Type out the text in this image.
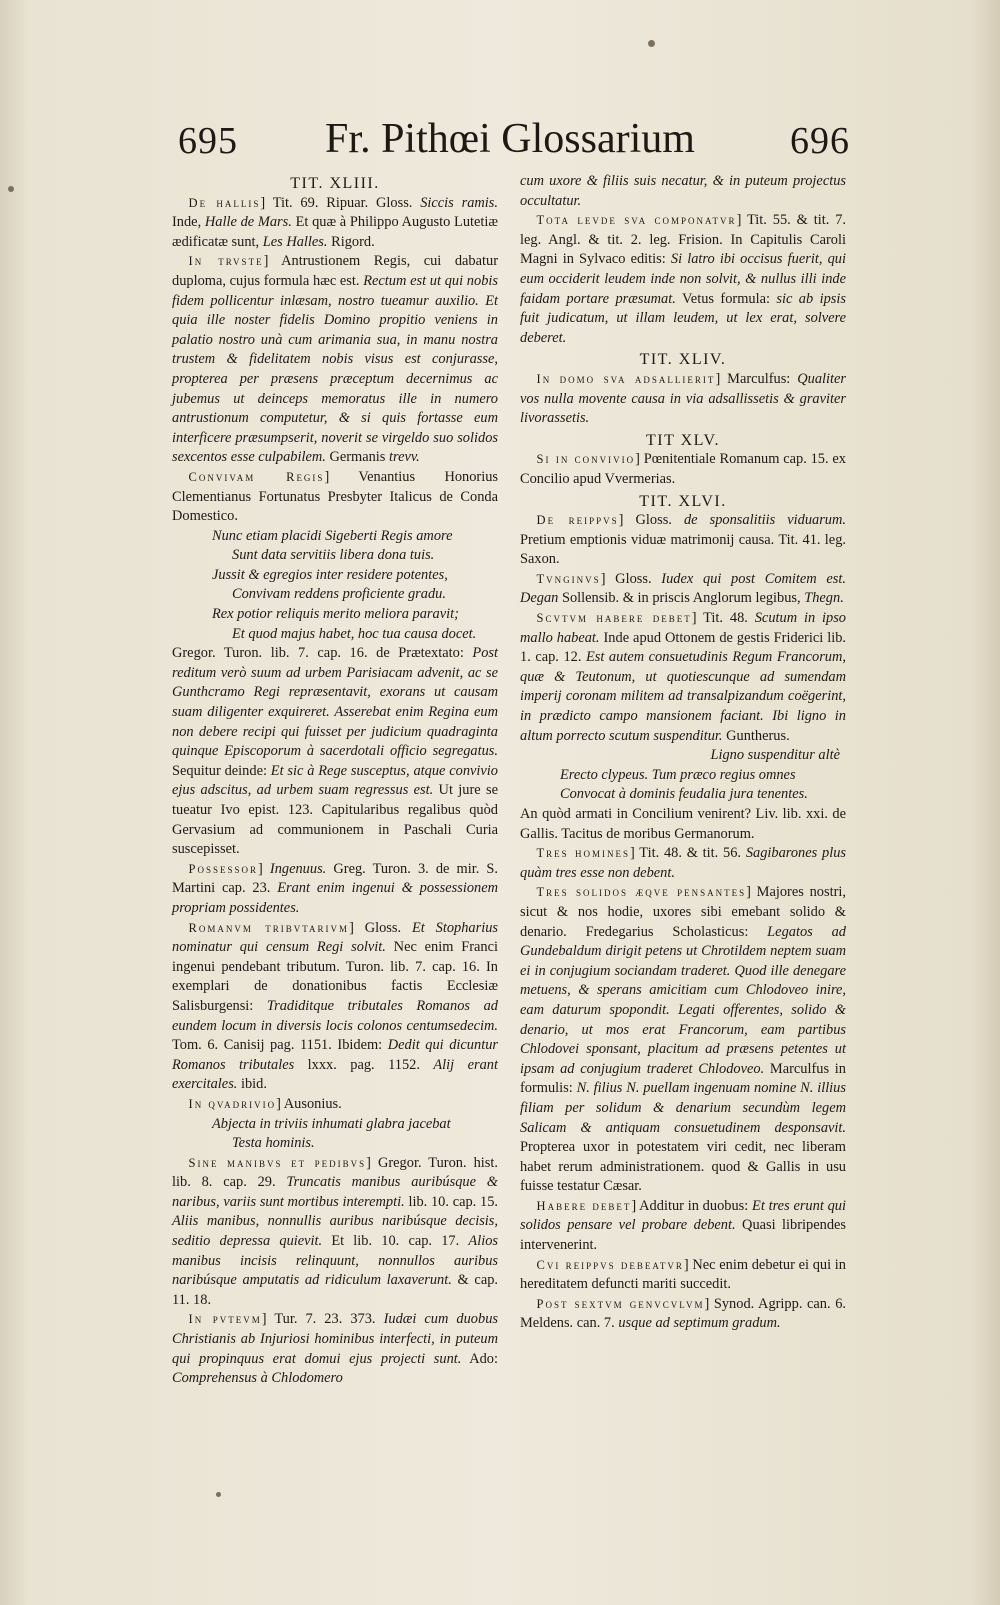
695	Fr. Pithœi Glossarium	696
TIT. XLIII.

De hallis] Tit. 69. Ripuar. Gloss. Siccis ramis. Inde, Halle de Mars. Et quæ à Philippo Augusto Lutetiæ ædificatæ sunt, Les Halles. Rigord.

In trvste] Antrustionem Regis, cui dabatur duploma, cujus formula hæc est. Rectum est ut qui nobis fidem pollicentur inlæsam, nostro tueamur auxilio. Et quia ille noster fidelis Domino propitio veniens in palatio nostro unà cum arimania sua, in manu nostra trustem & fidelitatem nobis visus est conjurasse, propterea per præsens præceptum decernimus ac jubemus ut deinceps memoratus ille in numero antrustionum computetur, & si quis fortasse eum interficere præsumpserit, noverit se virgeldo suo solidos sexcentos esse culpabilem. Germanis trevv.

Convivam Regis] Venantius Honorius Clementianus Fortunatus Presbyter Italicus de Conda Domestico.

Nunc etiam placidi Sigeberti Regis amore
Sunt data servitiis libera dona tuis.
Jussit & egregios inter residere potentes,
Convivam reddens proficiente gradu.
Rex potior reliquis merito meliora paravit;
Et quod majus habet, hoc tua causa docet.

Gregor. Turon. lib. 7. cap. 16. de Prætextato: Post reditum verò suum ad urbem Parisiacam advenit, ac se Gunthcramo Regi repræsentavit, exorans ut causam suam diligenter exquireret. Asserebat enim Regina eum non debere recipi qui fuisset per judicium quadraginta quinque Episcoporum à sacerdotali officio segregatus. Sequitur deinde: Et sic à Rege susceptus, atque convivio ejus adscitus, ad urbem suam regressus est. Ut jure se tueatur Ivo epist. 123. Capitularibus regalibus quòd Gervasium ad communionem in Paschali Curia suscepisset.

Possessor] Ingenuus. Greg. Turon. 3. de mir. S. Martini cap. 23. Erant enim ingenui & possessionem propriam possidentes.

Romanvm tribvtarivm] Gloss. Et Stopharius nominatur qui censum Regi solvit. Nec enim Franci ingenui pendebant tributum. Turon. lib. 7. cap. 16. In exemplari de donationibus factis Ecclesiæ Salisburgensi: Tradiditque tributales Romanos ad eundem locum in diversis locis colonos centumsedecim. Tom. 6. Canisij pag. 1151. Ibidem: Dedit qui dicuntur Romanos tributales lxxx. pag. 1152. Alij erant exercitales. ibid.

In qvadrivio] Ausonius.

Abjecta in triviis inhumati glabra jacebat
Testa hominis.

Sine manibvs et pedibvs] Gregor. Turon. hist. lib. 8. cap. 29. Truncatis manibus auribúsque & naribus, variis sunt mortibus interempti. lib. 10. cap. 15. Aliis manibus, nonnullis auribus naribúsque decisis, seditio depressa quievit. Et lib. 10. cap. 17. Alios manibus incisis relinquunt, nonnullos auribus naribúsque amputatis ad ridiculum laxaverunt. & cap. 11. 18.

In pvtevm] Tur. 7. 23. 373. Iudæi cum duobus Christianis ab Injuriosi hominibus interfecti, in puteum qui propinquus erat domui ejus projecti sunt. Ado: Comprehensus à Chlodomero

cum uxore & filiis suis necatur, & in puteum projectus occultatur.

Tota levde sva componatvr] Tit. 55. & tit. 7. leg. Angl. & tit. 2. leg. Frision. In Capitulis Caroli Magni in Sylvaco editis: Si latro ibi occisus fuerit, qui eum occiderit leudem inde non solvit, & nullus illi inde faidam portare præsumat. Vetus formula: sic ab ipsis fuit judicatum, ut illam leudem, ut lex erat, solvere deberet.

TIT. XLIV.

In domo sva adsallierit] Marculfus: Qualiter vos nulla movente causa in via adsallissetis & graviter livorassetis.

TIT XLV.

Si in convivio] Pœnitentiale Romanum cap. 15. ex Concilio apud Vvermerias.

TIT. XLVI.

De reippvs] Gloss. de sponsalitiis viduarum. Pretium emptionis viduæ matrimonij causa. Tit. 41. leg. Saxon.

Tvnginvs] Gloss. Iudex qui post Comitem est. Degan Sollensib. & in priscis Anglorum legibus, Thegn.

Scvtvm habere debet] Tit. 48. Scutum in ipso mallo habeat. Inde apud Ottonem de gestis Friderici lib. 1. cap. 12. Est autem consuetudinis Regum Francorum, quæ & Teutonum, ut quotiescunque ad sumendam imperij coronam militem ad transalpizandum coëgerint, in prædicto campo mansionem faciant. Ibi ligno in altum porrecto scutum suspenditur. Guntherus.

Ligno suspenditur altè
Erecto clypeus. Tum præco regius omnes
Convocat à dominis feudalia jura tenentes.

An quòd armati in Concilium venirent? Liv. lib. xxi. de Gallis. Tacitus de moribus Germanorum.

Tres homines] Tit. 48. & tit. 56. Sagibarones plus quàm tres esse non debent.

Tres solidos æqve pensantes] Majores nostri, sicut & nos hodie, uxores sibi emebant solido & denario. Fredegarius Scholasticus: Legatos ad Gundebaldum dirigit petens ut Chrotildem neptem suam ei in conjugium sociandam traderet. Quod ille denegare metuens, & sperans amicitiam cum Chlodoveo inire, eam daturum spopondit. Legati offerentes, solido & denario, ut mos erat Francorum, eam partibus Chlodovei sponsant, placitum ad præsens petentes ut ipsam ad conjugium traderet Chlodoveo. Marculfus in formulis: N. filius N. puellam ingenuam nomine N. illius filiam per solidum & denarium secundùm legem Salicam & antiquam consuetudinem desponsavit. Propterea uxor in potestatem viri cedit, nec liberam habet rerum administrationem. quod & Gallis in usu fuisse testatur Cæsar.

Habere debet] Additur in duobus: Et tres erunt qui solidos pensare vel probare debent. Quasi libripendes intervenerint.

Cvi reippvs debeatvr] Nec enim debetur ei qui in hereditatem defuncti mariti succedit.

Post sextvm genvcvlvm] Synod. Agripp. can. 6. Meldens. can. 7. usque ad septimum gradum.
